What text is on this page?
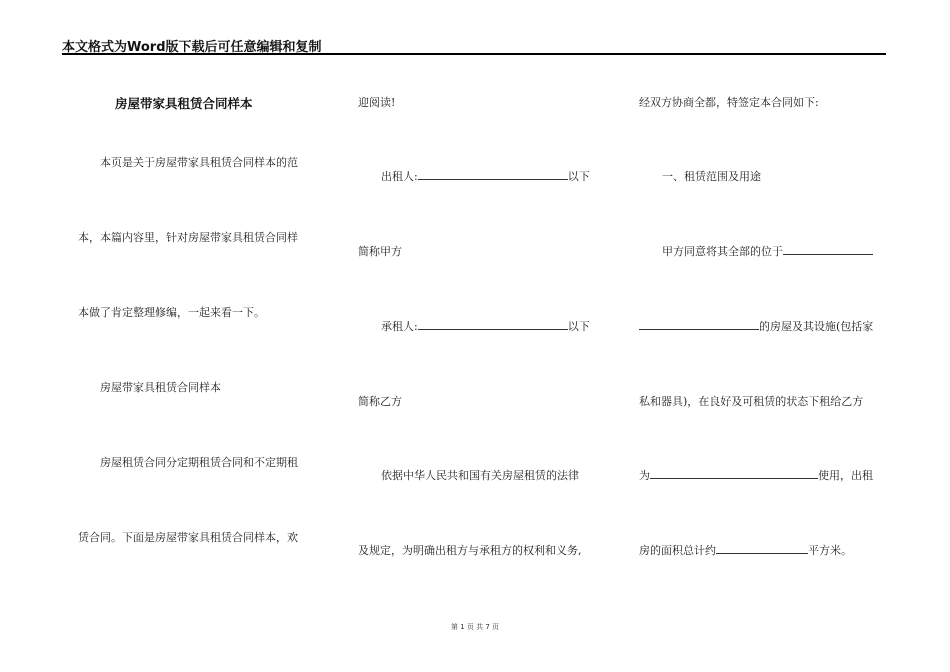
本文格式为Word版下载后可任意编辑和复制
房屋带家具租赁合同样本
本页是关于房屋带家具租赁合同样本的范
本，本篇内容里，针对房屋带家具租赁合同样
本做了肯定整理修编，一起来看一下。
房屋带家具租赁合同样本
房屋租赁合同分定期租赁合同和不定期租
赁合同。下面是房屋带家具租赁合同样本，欢
迎阅读!
出租人:	以下
简称甲方
承租人:	以下
简称乙方
依据中华人民共和国有关房屋租赁的法律
及规定，为明确出租方与承租方的权利和义务,
经双方协商全都，特签定本合同如下:
一、租赁范围及用途
甲方同意将其全部的位于
的房屋及其设施(包括家
私和器具)，在良好及可租赁的状态下租给乙方
为	使用，出租
房的面积总计约	平方米。
第 1 页 共 7 页
